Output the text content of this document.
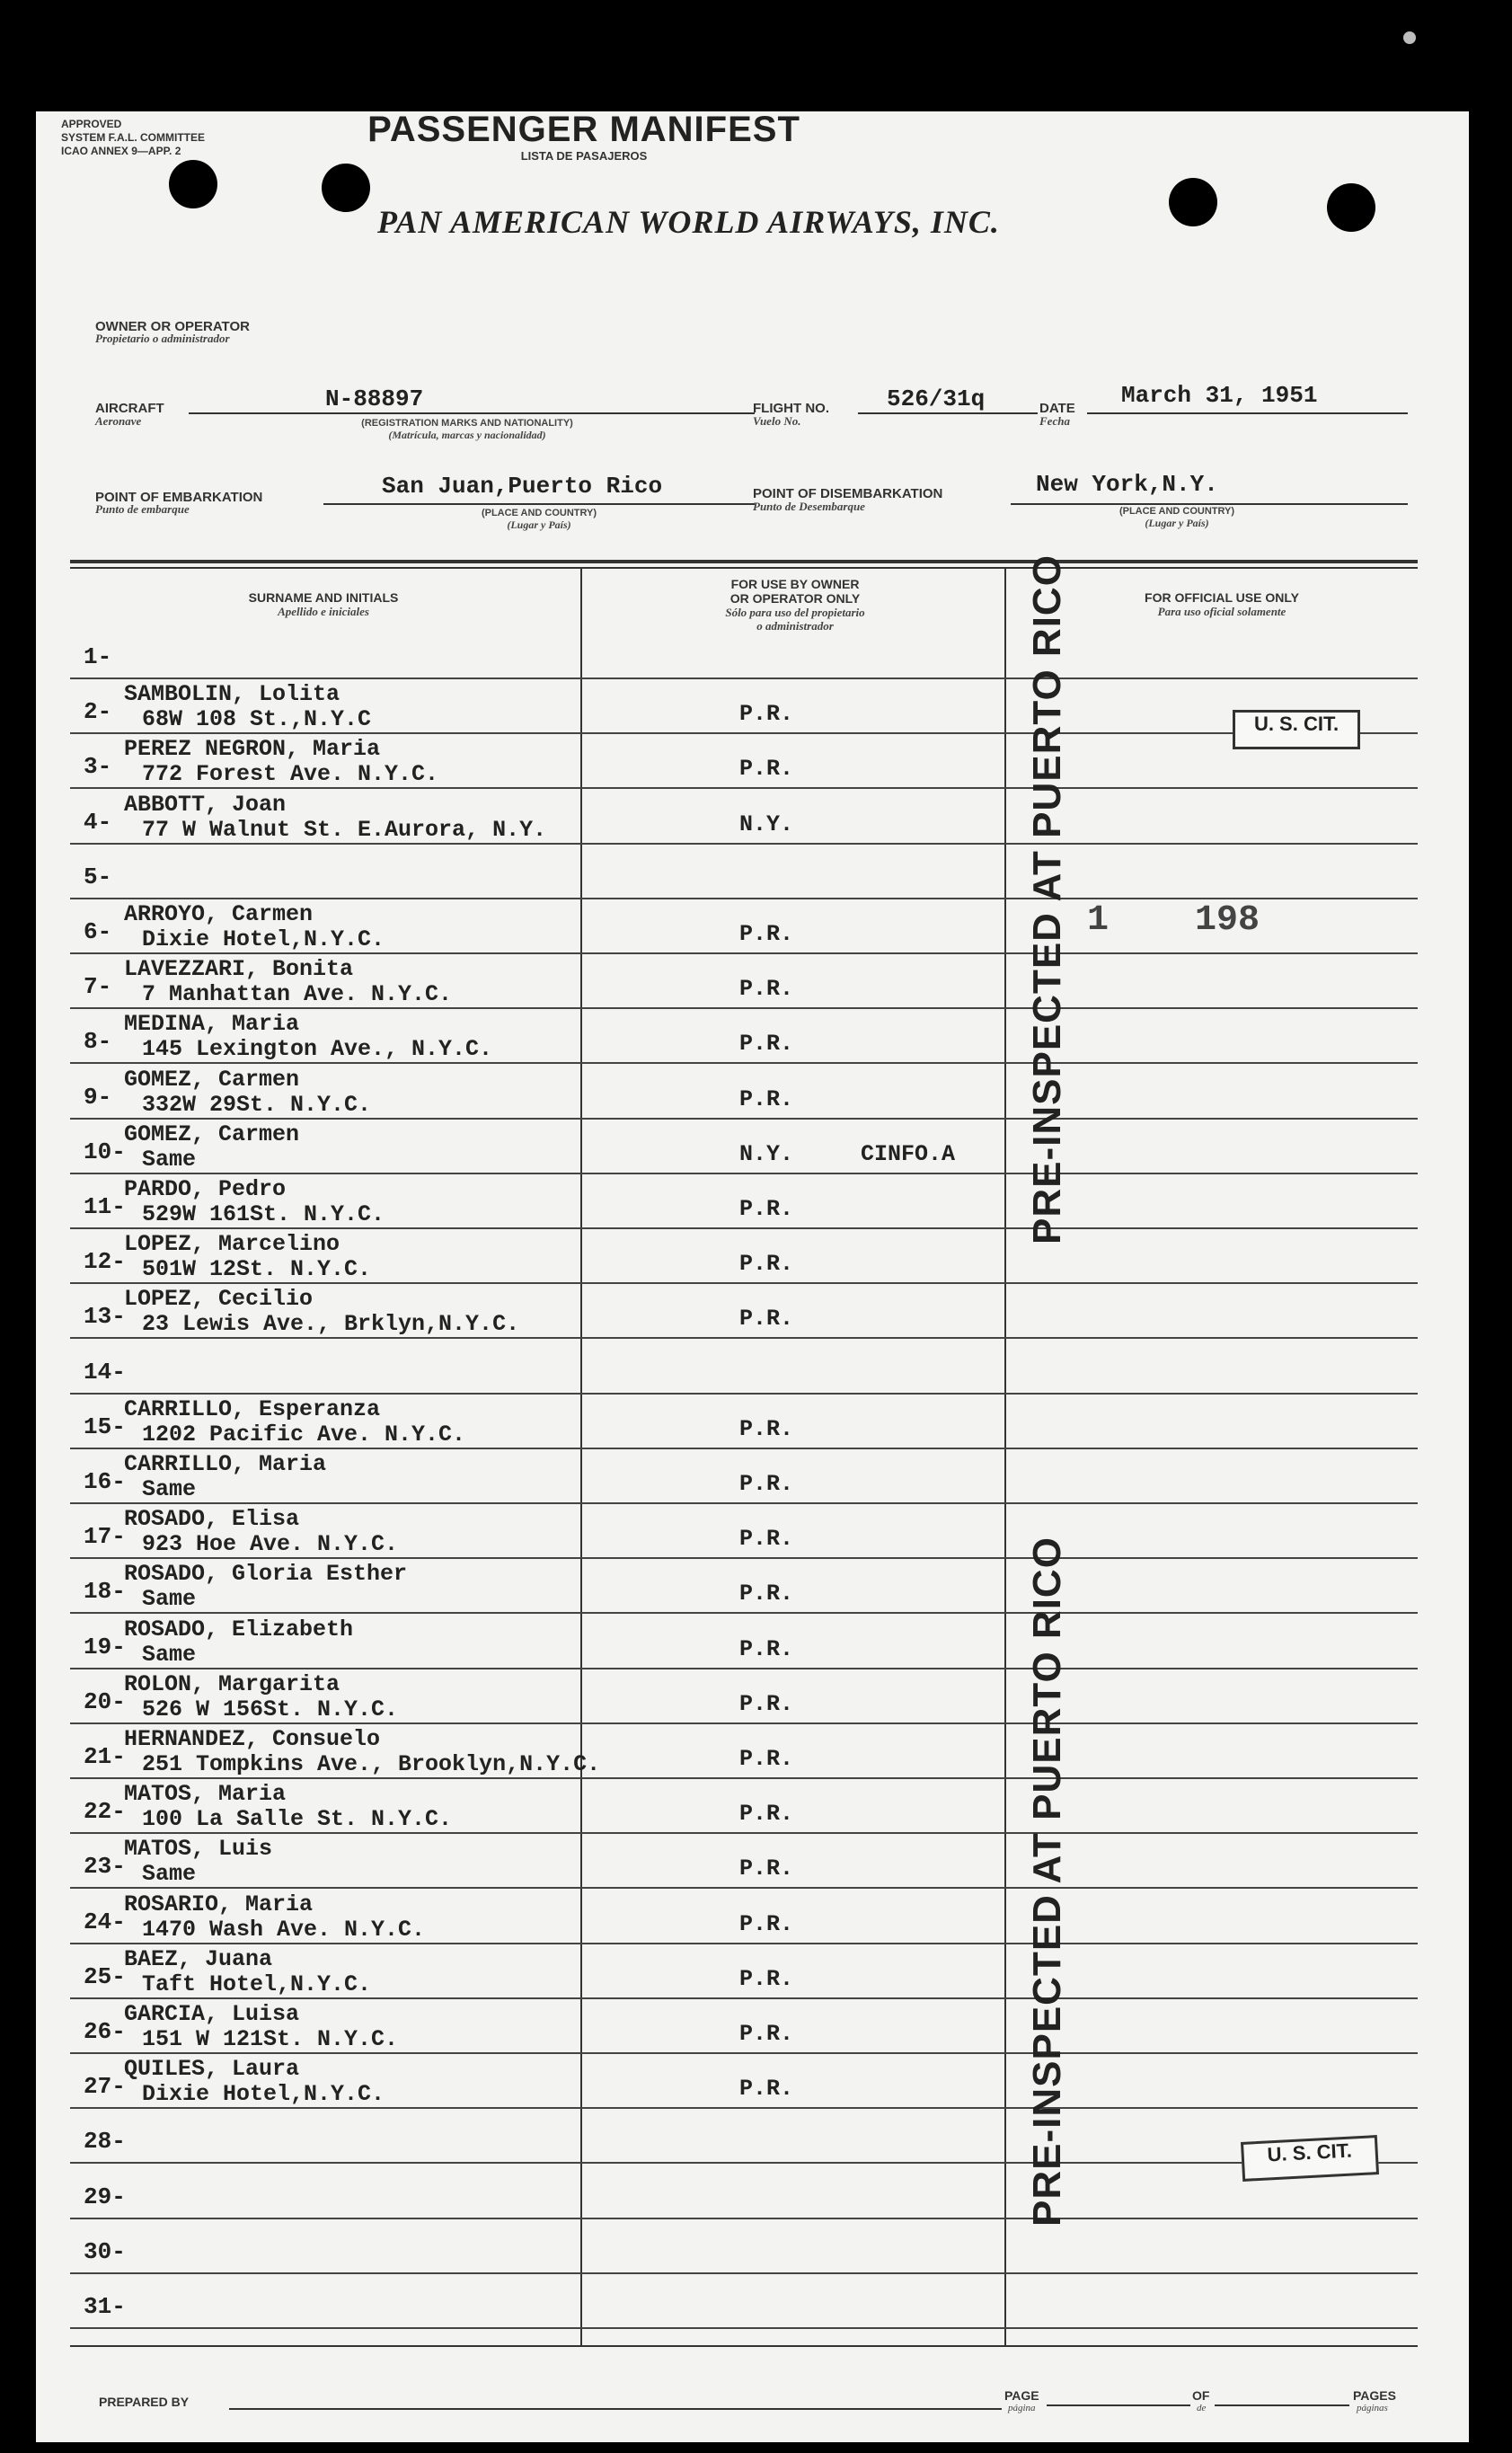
APPROVED
SYSTEM F.A.L. COMMITTEE
ICAO ANNEX 9—APP. 2
PASSENGER MANIFEST
LISTA DE PASAJEROS
OWNER OR OPERATOR
Propietario o administrador
PAN AMERICAN WORLD AIRWAYS, INC.
AIRCRAFT
Aeronave
N-88897
(REGISTRATION MARKS AND NATIONALITY)
(Matrícula, marcas y nacionalidad)
FLIGHT NO.
Vuelo No.
526/31q	DATE
Fecha
March 31, 1951
POINT OF EMBARKATION
Punto de embarque
San Juan,Puerto Rico
(PLACE AND COUNTRY)
(Lugar y País)
POINT OF DISEMBARKATION
Punto de Desembarque
New York,N.Y.
(PLACE AND COUNTRY)
(Lugar y País)
SURNAME AND INITIALS
Apellido e iniciales
FOR USE BY OWNER
OR OPERATOR ONLY
Sólo para uso del propietario
o administrador
FOR OFFICIAL USE ONLY
Para uso oficial solamente
1-
2-
SAMBOLIN, Lolita
68W 108 St.,N.Y.C	P.R.
3-
PEREZ NEGRON, Maria
772 Forest Ave. N.Y.C.	P.R.
4-
ABBOTT, Joan
77 W Walnut St. E.Aurora, N.Y.	N.Y.
5-
6-
ARROYO, Carmen
Dixie Hotel,N.Y.C.	P.R.
7-
LAVEZZARI, Bonita
7 Manhattan Ave. N.Y.C.	P.R.
8-
MEDINA, Maria
145 Lexington Ave., N.Y.C.	P.R.
9-
GOMEZ, Carmen
332W 29St. N.Y.C.	P.R.
10-
GOMEZ, Carmen
Same	N.Y.	CINFO.A
11-
PARDO, Pedro
529W 161St. N.Y.C.	P.R.
12-
LOPEZ, Marcelino
501W 12St. N.Y.C.	P.R.
13-
LOPEZ, Cecilio
23 Lewis Ave., Brklyn,N.Y.C.	P.R.
14-
15-
CARRILLO, Esperanza
1202 Pacific Ave. N.Y.C.	P.R.
16-
CARRILLO, Maria
Same	P.R.
17-
ROSADO, Elisa
923 Hoe Ave. N.Y.C.	P.R.
18-
ROSADO, Gloria Esther
Same	P.R.
19-
ROSADO, Elizabeth
Same	P.R.
20-
ROLON, Margarita
526 W 156St. N.Y.C.	P.R.
21-
HERNANDEZ, Consuelo
251 Tompkins Ave., Brooklyn,N.Y.C.	P.R.
22-
MATOS, Maria
100 La Salle St. N.Y.C.	P.R.
23-
MATOS, Luis
Same	P.R.
24-
ROSARIO, Maria
1470 Wash Ave. N.Y.C.	P.R.
25-
BAEZ, Juana
Taft Hotel,N.Y.C.	P.R.
26-
GARCIA, Luisa
151 W 121St. N.Y.C.	P.R.
27-
QUILES, Laura
Dixie Hotel,N.Y.C.	P.R.
28-
29-
30-
31-
U. S. CIT.
U. S. CIT.
PRE-INSPECTED AT PUERTO RICO
PRE-INSPECTED AT PUERTO RICO
1 198
PREPARED BY	PAGE
página
OF
de
PAGES
páginas
